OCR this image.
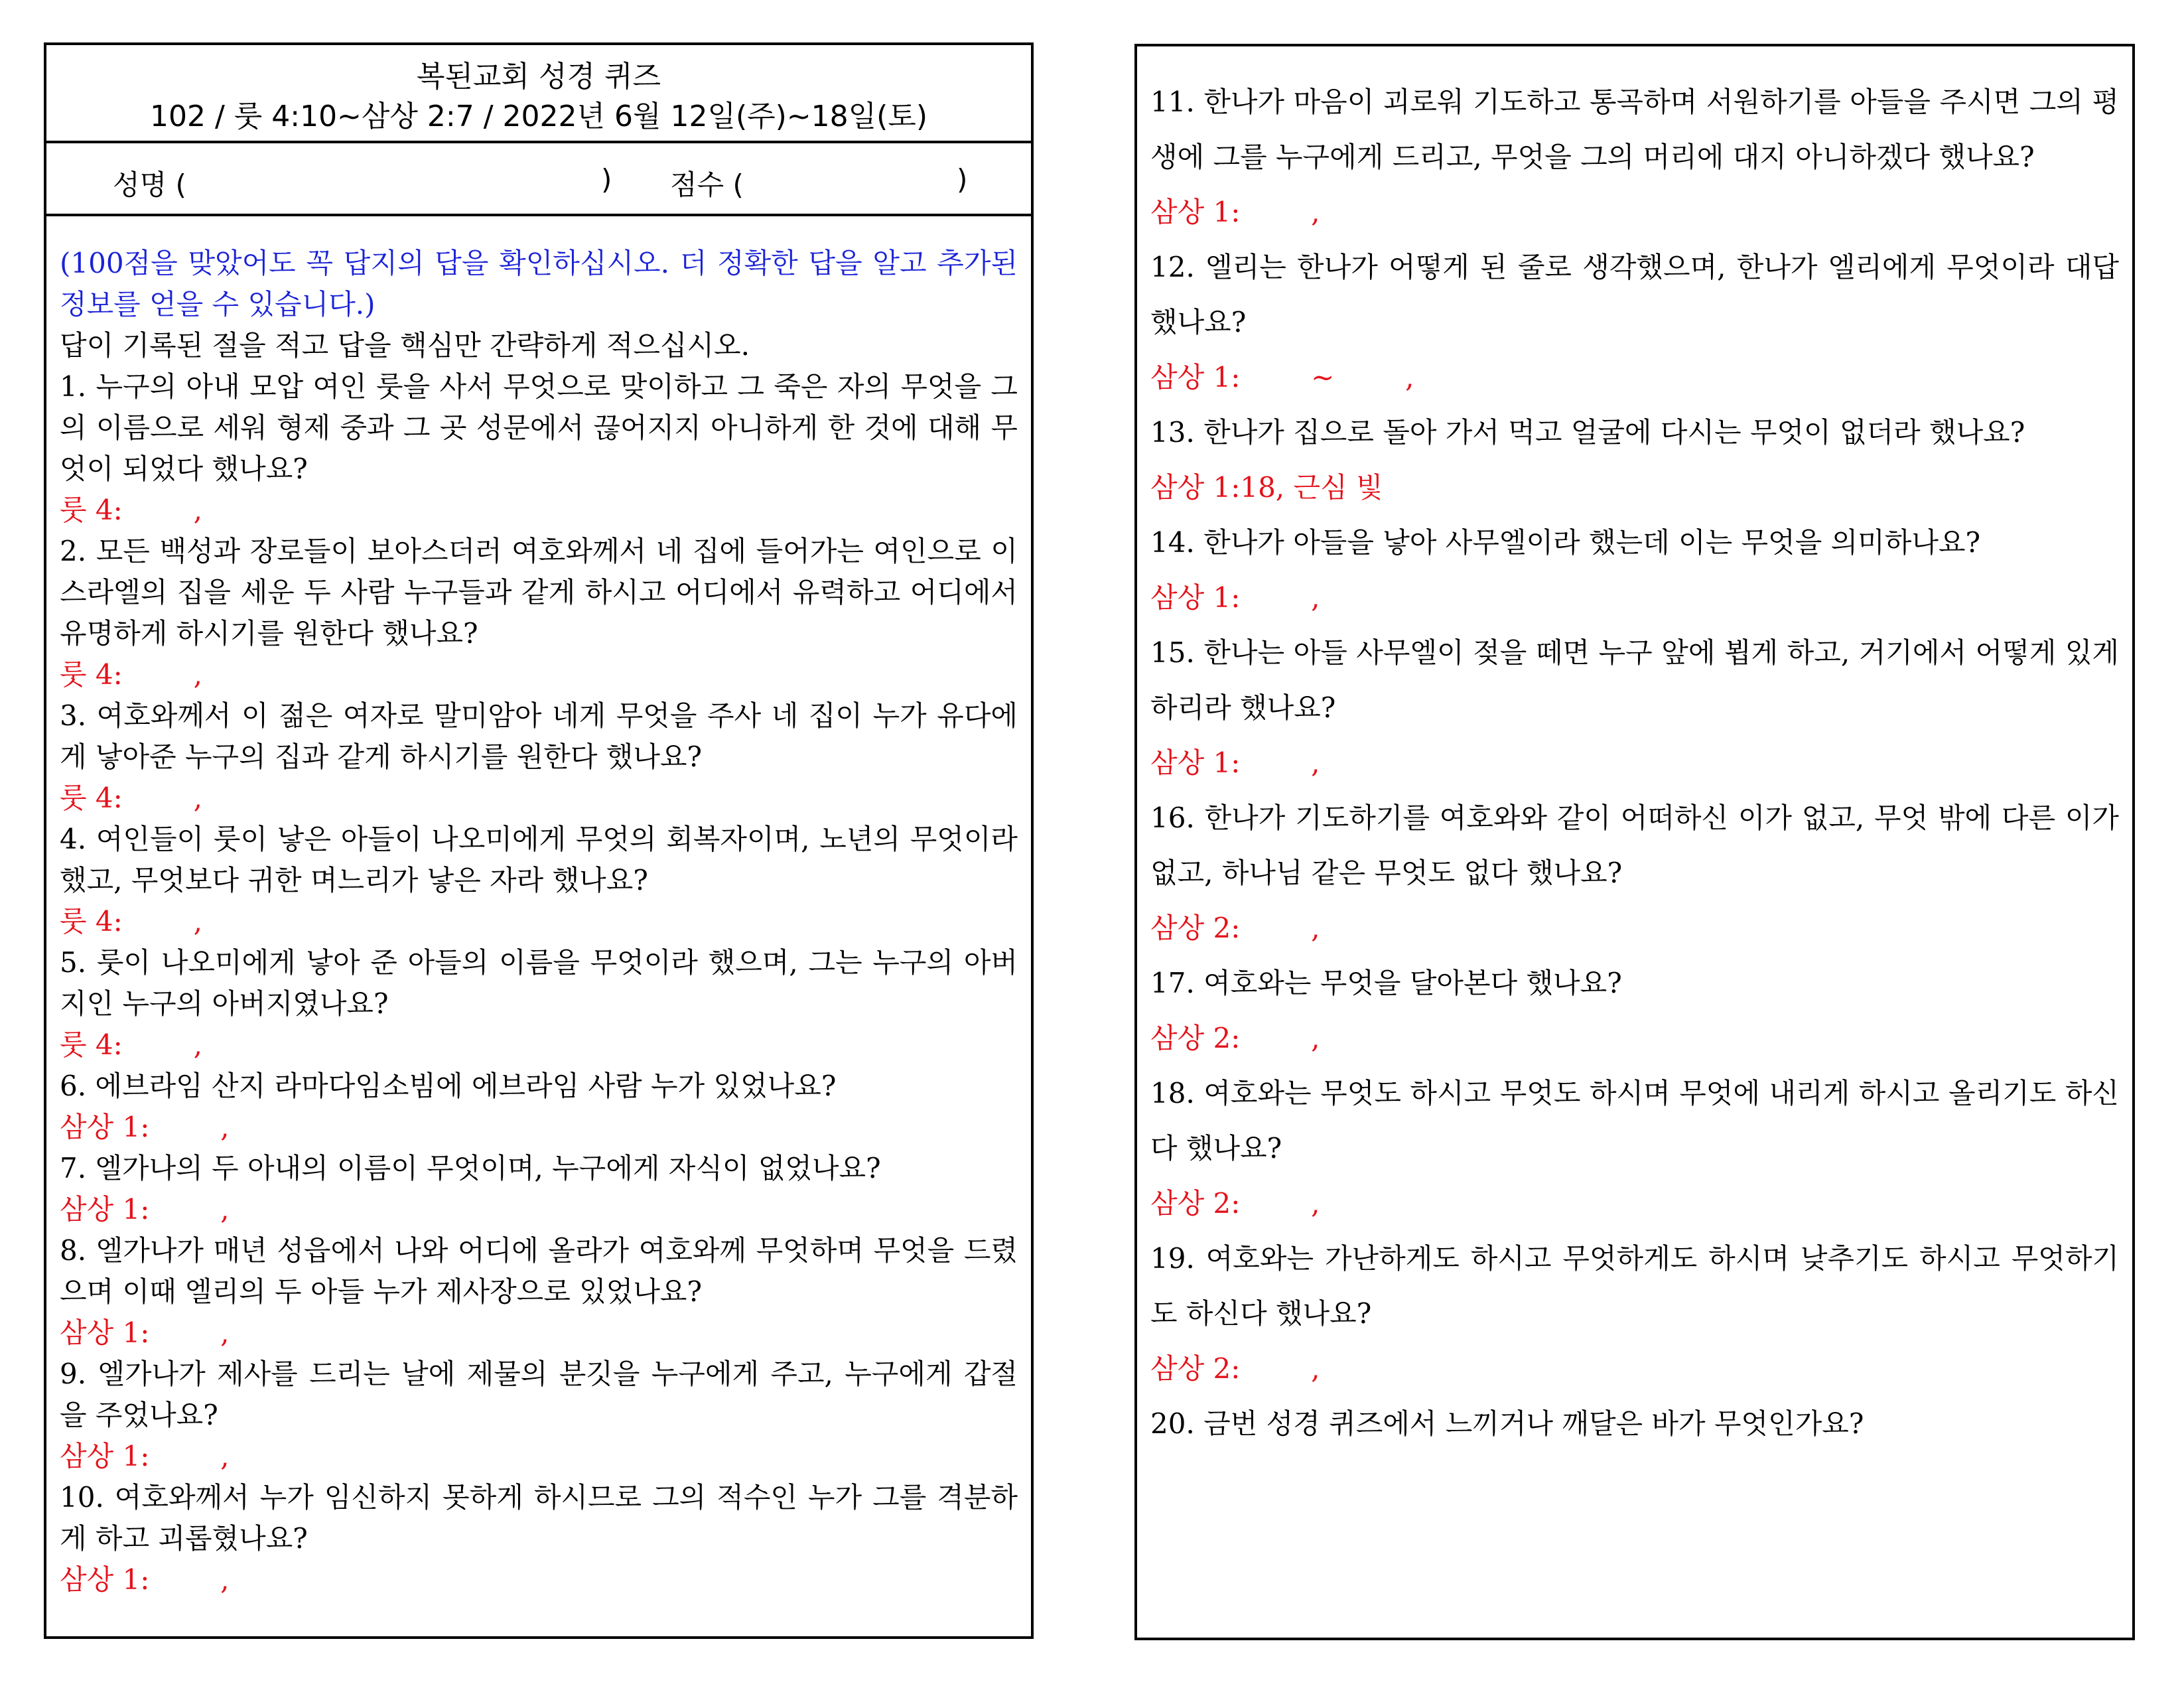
복된교회 성경 퀴즈
102 / 룻 4:10~삼상 2:7 / 2022년 6월 12일(주)~18일(토)
성명 (	) 점수 (	)
(100점을 맞았어도 꼭 답지의 답을 확인하십시오. 더 정확한 답을 알고 추가된 정보를 얻을 수 있습니다.)
답이 기록된 절을 적고 답을 핵심만 간략하게 적으십시오.
1. 누구의 아내 모압 여인 룻을 사서 무엇으로 맞이하고 그 죽은 자의 무엇을 그의 이름으로 세워 형제 중과 그 곳 성문에서 끊어지지 아니하게 한 것에 대해 무엇이 되었다 했나요?
룻 4:        ,
2. 모든 백성과 장로들이 보아스더러 여호와께서 네 집에 들어가는 여인으로 이스라엘의 집을 세운 두 사람 누구들과 같게 하시고 어디에서 유력하고 어디에서 유명하게 하시기를 원한다 했나요?
룻 4:        ,
3. 여호와께서 이 젊은 여자로 말미암아 네게 무엇을 주사 네 집이 누가 유다에게 낳아준 누구의 집과 같게 하시기를 원한다 했나요?
룻 4:        ,
4. 여인들이 룻이 낳은 아들이 나오미에게 무엇의 회복자이며, 노년의 무엇이라 했고, 무엇보다 귀한 며느리가 낳은 자라 했나요?
룻 4:        ,
5. 룻이 나오미에게 낳아 준 아들의 이름을 무엇이라 했으며, 그는 누구의 아버지인 누구의 아버지였나요?
룻 4:        ,
6. 에브라임 산지 라마다임소빔에 에브라임 사람 누가 있었나요?
삼상 1:        ,
7. 엘가나의 두 아내의 이름이 무엇이며, 누구에게 자식이 없었나요?
삼상 1:        ,
8. 엘가나가 매년 성읍에서 나와 어디에 올라가 여호와께 무엇하며 무엇을 드렸으며 이때 엘리의 두 아들 누가 제사장으로 있었나요?
삼상 1:        ,
9. 엘가나가 제사를 드리는 날에 제물의 분깃을 누구에게 주고, 누구에게 갑절을 주었나요?
삼상 1:        ,
10. 여호와께서 누가 임신하지 못하게 하시므로 그의 적수인 누가 그를 격분하게 하고 괴롭혔나요?
삼상 1:        ,
11. 한나가 마음이 괴로워 기도하고 통곡하며 서원하기를 아들을 주시면 그의 평생에 그를 누구에게 드리고, 무엇을 그의 머리에 대지 아니하겠다 했나요?
삼상 1:        ,
12. 엘리는 한나가 어떻게 된 줄로 생각했으며, 한나가 엘리에게 무엇이라 대답했나요?
삼상 1:        ~        ,
13. 한나가 집으로 돌아 가서 먹고 얼굴에 다시는 무엇이 없더라 했나요?
삼상 1:18, 근심 빛
14. 한나가 아들을 낳아 사무엘이라 했는데 이는 무엇을 의미하나요?
삼상 1:        ,
15. 한나는 아들 사무엘이 젖을 떼면 누구 앞에 뵙게 하고, 거기에서 어떻게 있게 하리라 했나요?
삼상 1:        ,
16. 한나가 기도하기를 여호와와 같이 어떠하신 이가 없고, 무엇 밖에 다른 이가 없고, 하나님 같은 무엇도 없다 했나요?
삼상 2:        ,
17. 여호와는 무엇을 달아본다 했나요?
삼상 2:        ,
18. 여호와는 무엇도 하시고 무엇도 하시며 무엇에 내리게 하시고 올리기도 하신다 했나요?
삼상 2:        ,
19. 여호와는 가난하게도 하시고 무엇하게도 하시며 낮추기도 하시고 무엇하기도 하신다 했나요?
삼상 2:        ,
20. 금번 성경 퀴즈에서 느끼거나 깨달은 바가 무엇인가요?
